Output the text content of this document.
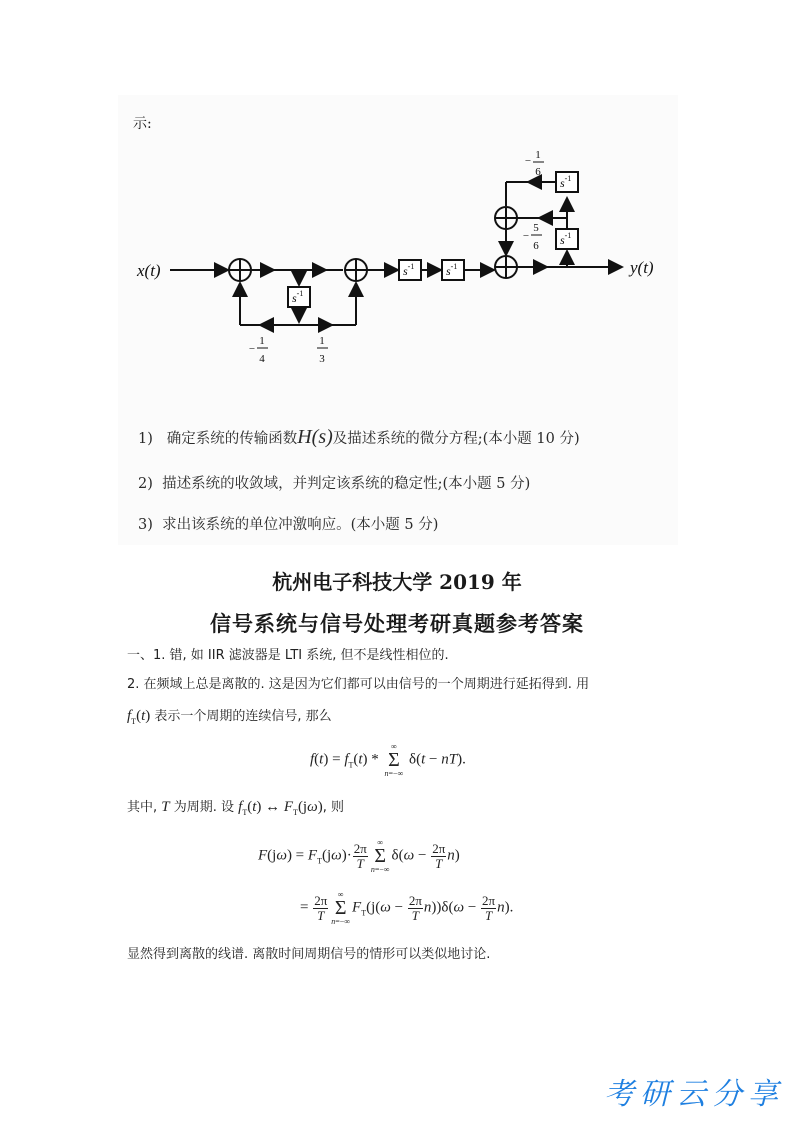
示:
$s^{-1}$
$s^{-1}$	$s^{-1}$
$s^{-1}$
$s^{-1}$
x(t)	y(t)
−
1
4
1
3
− 1
6
−
5
6
1) 确定系统的传输函数H(s)及描述系统的微分方程;(本小题 10 分)
2) 描述系统的收敛域，并判定该系统的稳定性;(本小题 5 分)
3) 求出该系统的单位冲激响应。(本小题 5 分)
杭州电子科技大学 2019 年
信号系统与信号处理考研真题参考答案
一、1. 错, 如 IIR 滤波器是 LTI 系统, 但不是线性相位的.
2. 在频域上总是离散的. 这是因为它们都可以由信号的一个周期进行延拓得到. 用
$f_T(t)$ 表示一个周期的连续信号, 那么
$f(t) = f_T(t)$ *
∞
Σ
n=−∞
δ(t − nT).
其中, T 为周期. 设 $f_T(t)$ ↔ $F_T(j\omega)$, 则
$F(j\omega) = F_T(j\omega)\cdot \frac{2\pi}{T}$	∞
Σ
n=−∞
$\delta(\omega - \frac{2\pi}{T} n)$
= $\frac{2\pi}{T}$	∞
Σ
n=−∞
$F_T(j(\omega - \frac{2\pi}{T} n))\delta(\omega - \frac{2\pi}{T} n)$.
显然得到离散的线谱. 离散时间周期信号的情形可以类似地讨论.
考研云分享
